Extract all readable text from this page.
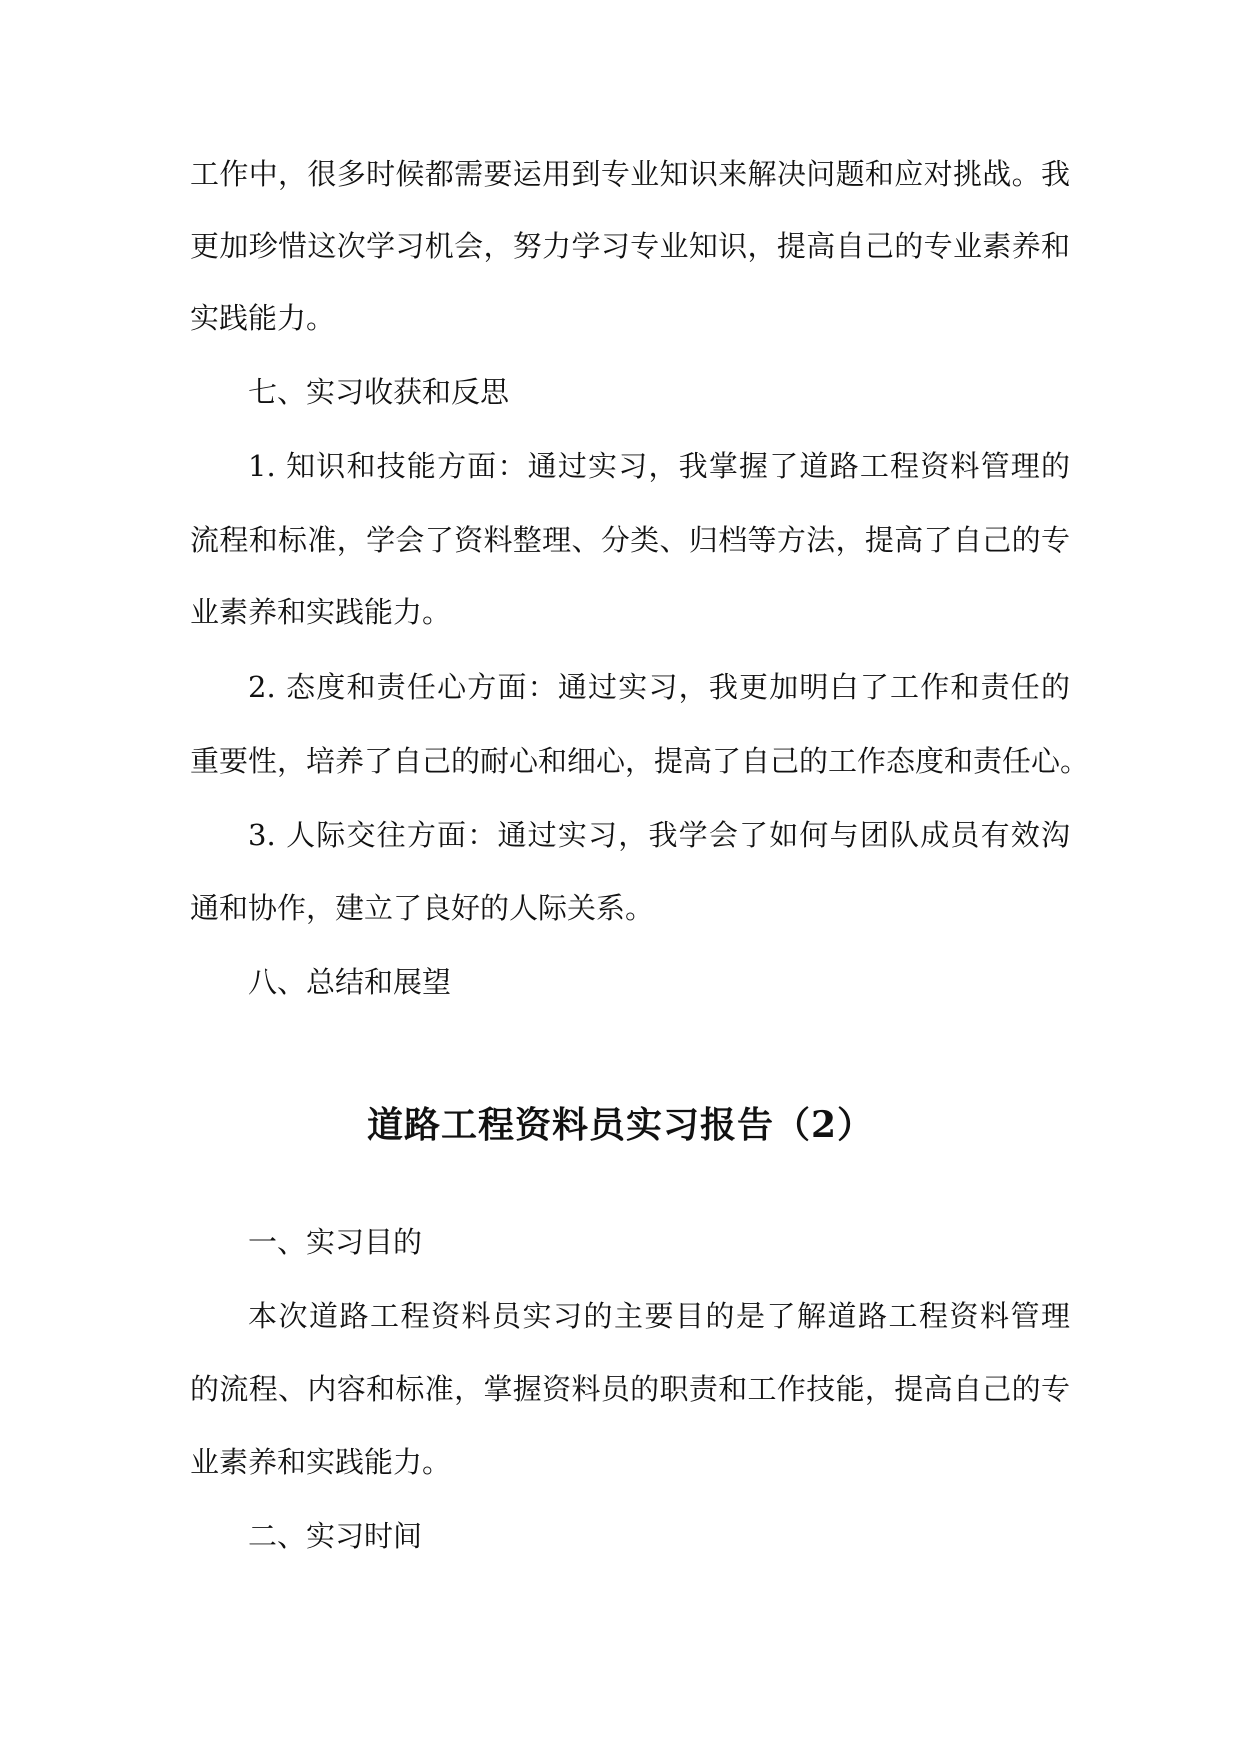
工作中，很多时候都需要运用到专业知识来解决问题和应对挑战。我
更加珍惜这次学习机会，努力学习专业知识，提高自己的专业素养和
实践能力。
七、实习收获和反思
1. 知识和技能方面：通过实习，我掌握了道路工程资料管理的
流程和标准，学会了资料整理、分类、归档等方法，提高了自己的专
业素养和实践能力。
2. 态度和责任心方面：通过实习，我更加明白了工作和责任的
重要性，培养了自己的耐心和细心，提高了自己的工作态度和责任心。
3. 人际交往方面：通过实习，我学会了如何与团队成员有效沟
通和协作，建立了良好的人际关系。
八、总结和展望
道路工程资料员实习报告（2）
一、实习目的
本次道路工程资料员实习的主要目的是了解道路工程资料管理
的流程、内容和标准，掌握资料员的职责和工作技能，提高自己的专
业素养和实践能力。
二、实习时间
